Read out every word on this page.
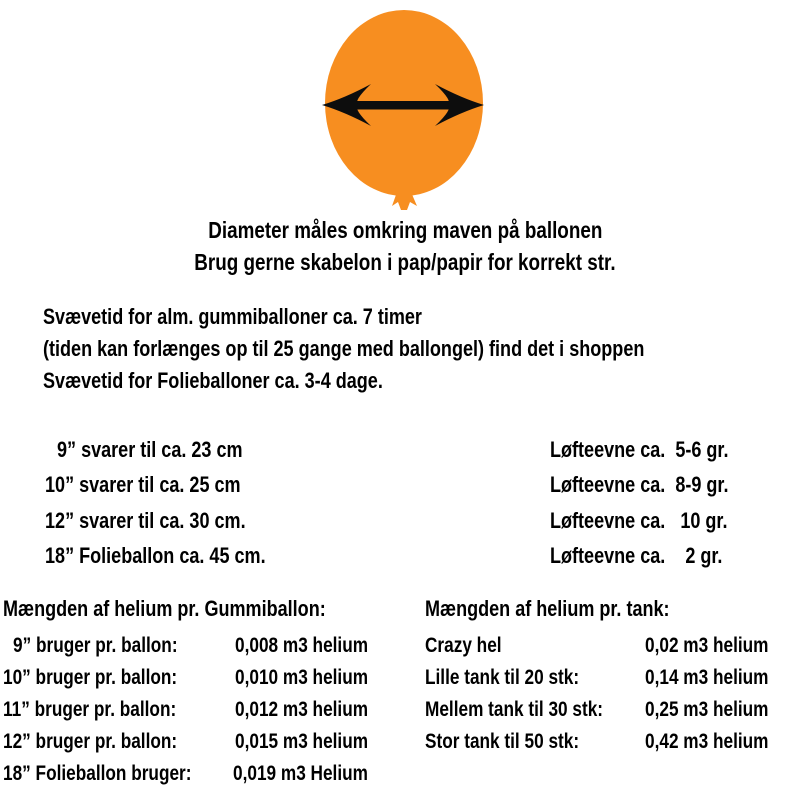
Diameter måles omkring maven på ballonen
Brug gerne skabelon i pap/papir for korrekt str.
Svævetid for alm. gummiballoner ca. 7 timer
(tiden kan forlænges op til 25 gange med ballongel) find det i shoppen
Svævetid for Folieballoner ca. 3-4 dage.
9” svarer til ca. 23 cm	Løfteevne ca.  5-6 gr.
10” svarer til ca. 25 cm	Løfteevne ca.  8-9 gr.
12” svarer til ca. 30 cm.	Løfteevne ca.   10 gr.
18” Folieballon ca. 45 cm.	Løfteevne ca.    2 gr.
Mængden af helium pr. Gummiballon:
9” bruger pr. ballon:	0,008 m3 helium
10” bruger pr. ballon:	0,010 m3 helium
11” bruger pr. ballon:	0,012 m3 helium
12” bruger pr. ballon:	0,015 m3 helium
18” Folieballon bruger: 0,019 m3 Helium
Mængden af helium pr. tank:
Crazy hel	0,02 m3 helium
Lille tank til 20 stk:	0,14 m3 helium
Mellem tank til 30 stk: 0,25 m3 helium
Stor tank til 50 stk:	0,42 m3 helium
